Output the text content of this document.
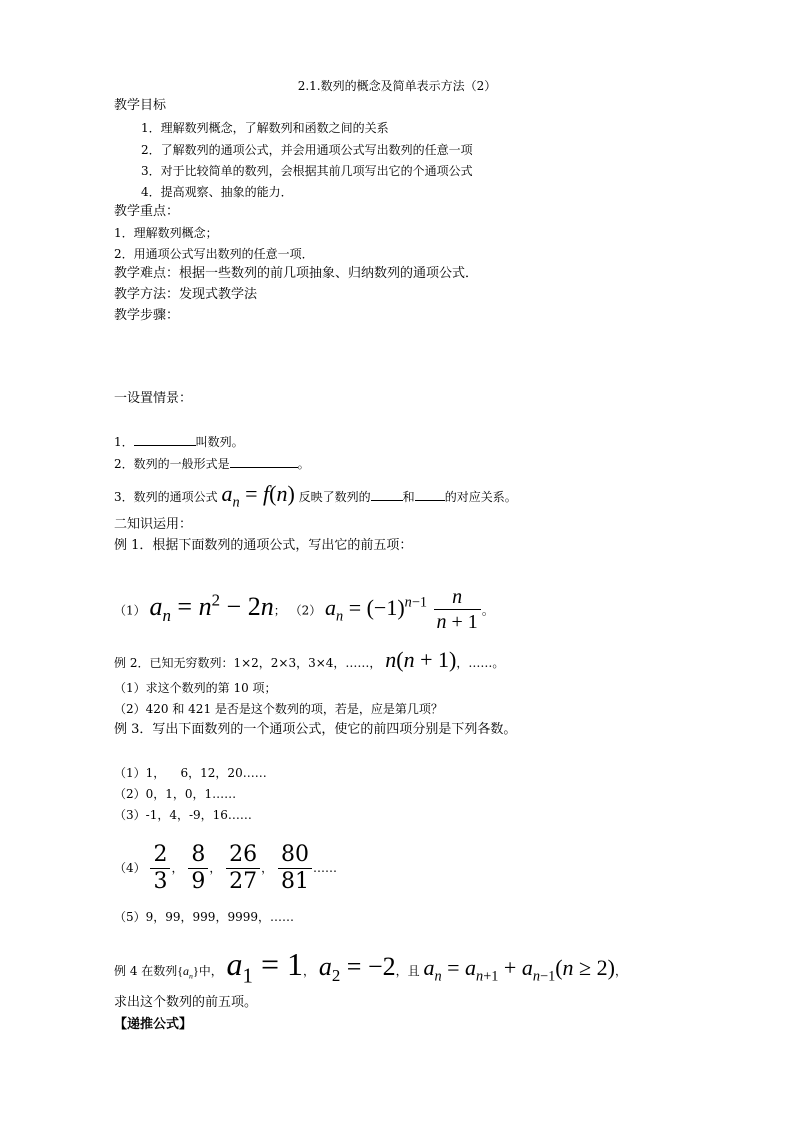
2.1.数列的概念及简单表示方法（2）
教学目标
1．理解数列概念，了解数列和函数之间的关系
2．了解数列的通项公式，并会用通项公式写出数列的任意一项
3．对于比较简单的数列，会根据其前几项写出它的个通项公式
4．提高观察、抽象的能力．
教学重点：
1．理解数列概念；
2．用通项公式写出数列的任意一项．
教学难点：根据一些数列的前几项抽象、归纳数列的通项公式．
教学方法：发现式教学法
教学步骤：
一设置情景：
1．	叫数列。
2．数列的一般形式是	。
3．数列的通项公式 $a_n = f(n)$ 反映了数列的	和	的对应关系。
二知识运用：
例 1．根据下面数列的通项公式，写出它的前五项：
（1） $a_n = n^2 - 2n$； （2） $a_n = (-1)^{n-1} \frac{n}{n + 1}$ 。
例 2．已知无穷数列：1×2，2×3，3×4，……， n(n + 1)，……。
（1）求这个数列的第 10 项；
（2）420 和 421 是否是这个数列的项，若是，应是第几项？
例 3．写出下面数列的一个通项公式，使它的前四项分别是下列各数。
（1）1，    6，12，20……
（2）0，1，0，1……
（3）-1，4，-9，16……
$(4) \frac{2}{3}$ ， $\frac{8}{9}$ ， $\frac{26}{27}$ ， $\frac{80}{81}$ ……
（5）9，99，999，9999，……
例 4 在数列$\{a_n\}$中， $a_1 = 1$， $a_2 = -2$，且 $a_n = a_{n+1} + a_{n-1}(n \ge 2)$，
求出这个数列的前五项。
【递推公式】
